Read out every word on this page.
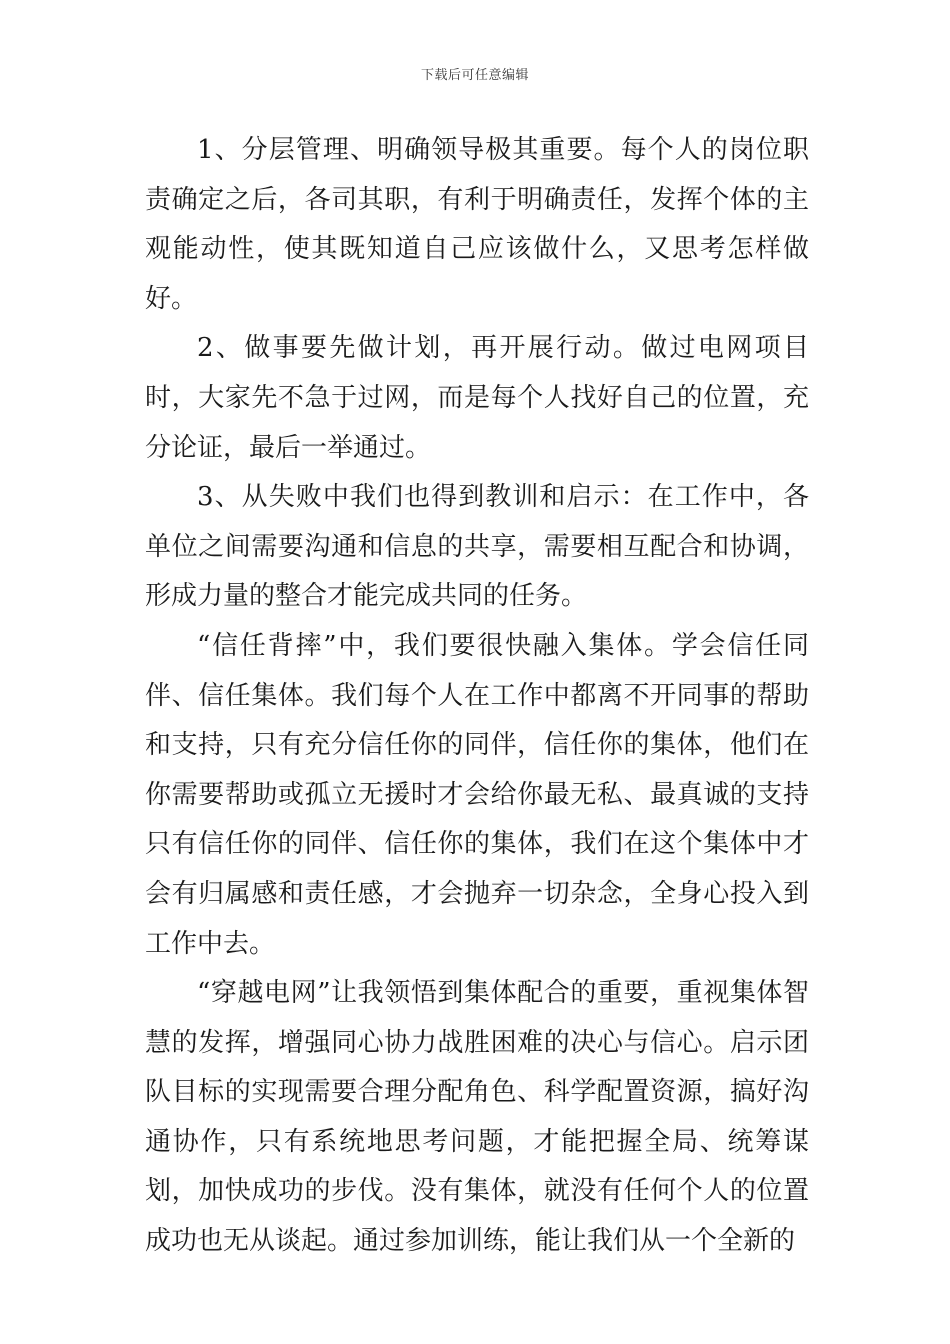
下载后可任意编辑

1、分层管理、明确领导极其重要。每个人的岗位职责确定之后，各司其职，有利于明确责任，发挥个体的主观能动性，使其既知道自己应该做什么，又思考怎样做好。

2、做事要先做计划，再开展行动。做过电网项目时，大家先不急于过网，而是每个人找好自己的位置，充分论证，最后一举通过。

3、从失败中我们也得到教训和启示：在工作中，各单位之间需要沟通和信息的共享，需要相互配合和协调，形成力量的整合才能完成共同的任务。

“信任背摔”中，我们要很快融入集体。学会信任同伴、信任集体。我们每个人在工作中都离不开同事的帮助和支持，只有充分信任你的同伴，信任你的集体，他们在你需要帮助或孤立无援时才会给你最无私、最真诚的支持只有信任你的同伴、信任你的集体，我们在这个集体中才会有归属感和责任感，才会抛弃一切杂念，全身心投入到工作中去。

“穿越电网”让我领悟到集体配合的重要，重视集体智慧的发挥，增强同心协力战胜困难的决心与信心。启示团队目标的实现需要合理分配角色、科学配置资源，搞好沟通协作，只有系统地思考问题，才能把握全局、统筹谋划，加快成功的步伐。没有集体，就没有任何个人的位置成功也无从谈起。通过参加训练，能让我们从一个全新的
